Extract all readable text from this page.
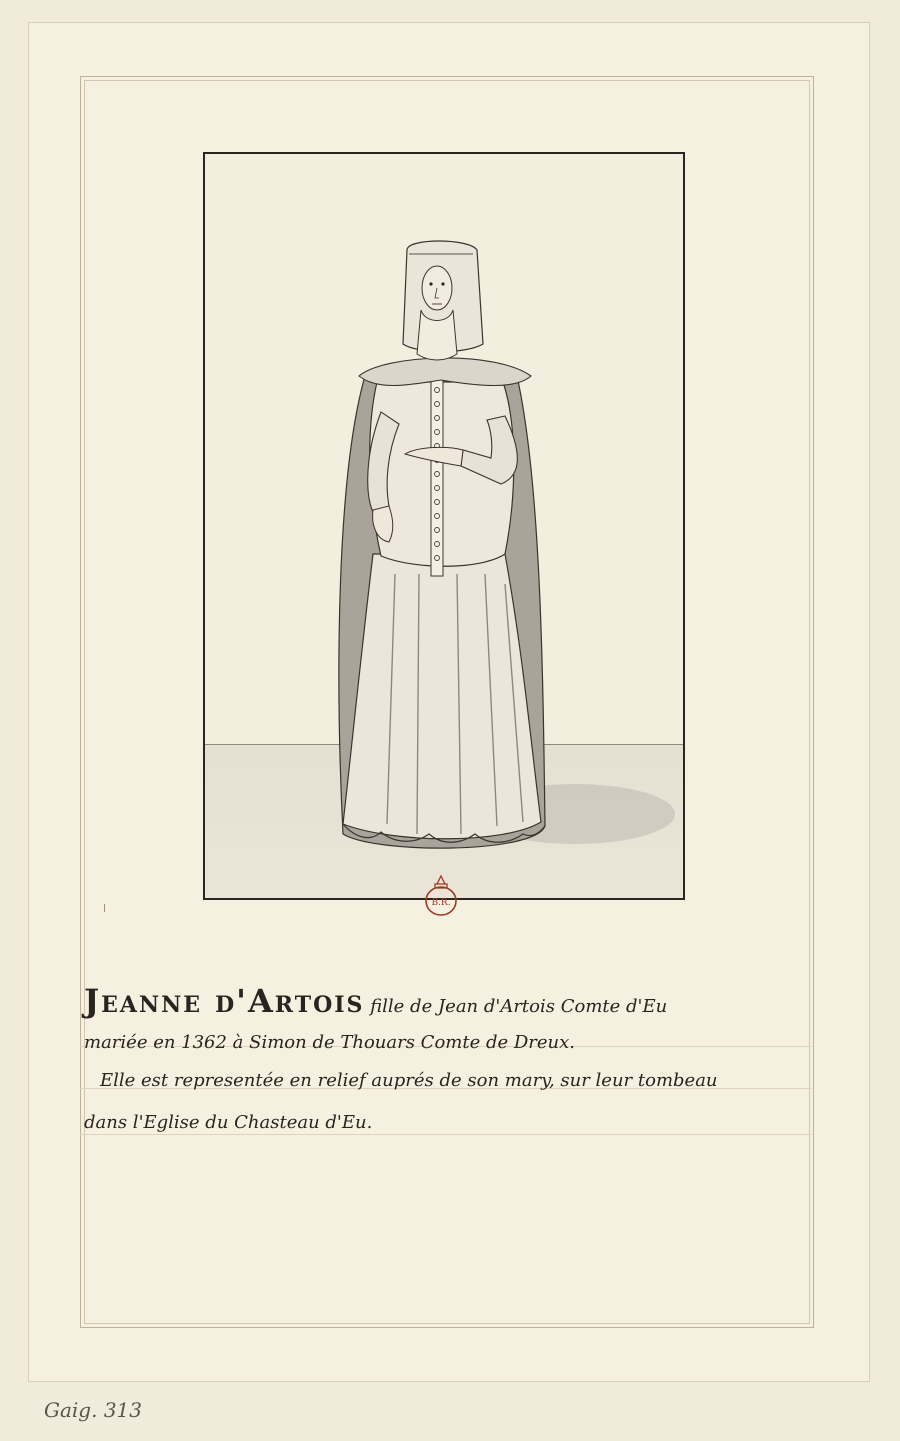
B.R.
Jeanne d'Artois fille de Jean d'Artois Comte d'Eu
mariée en 1362 à Simon de Thouars Comte de Dreux.
Elle est representée en relief auprés de son mary, sur leur tombeau
dans l'Eglise du Chasteau d'Eu.
Gaig. 313
